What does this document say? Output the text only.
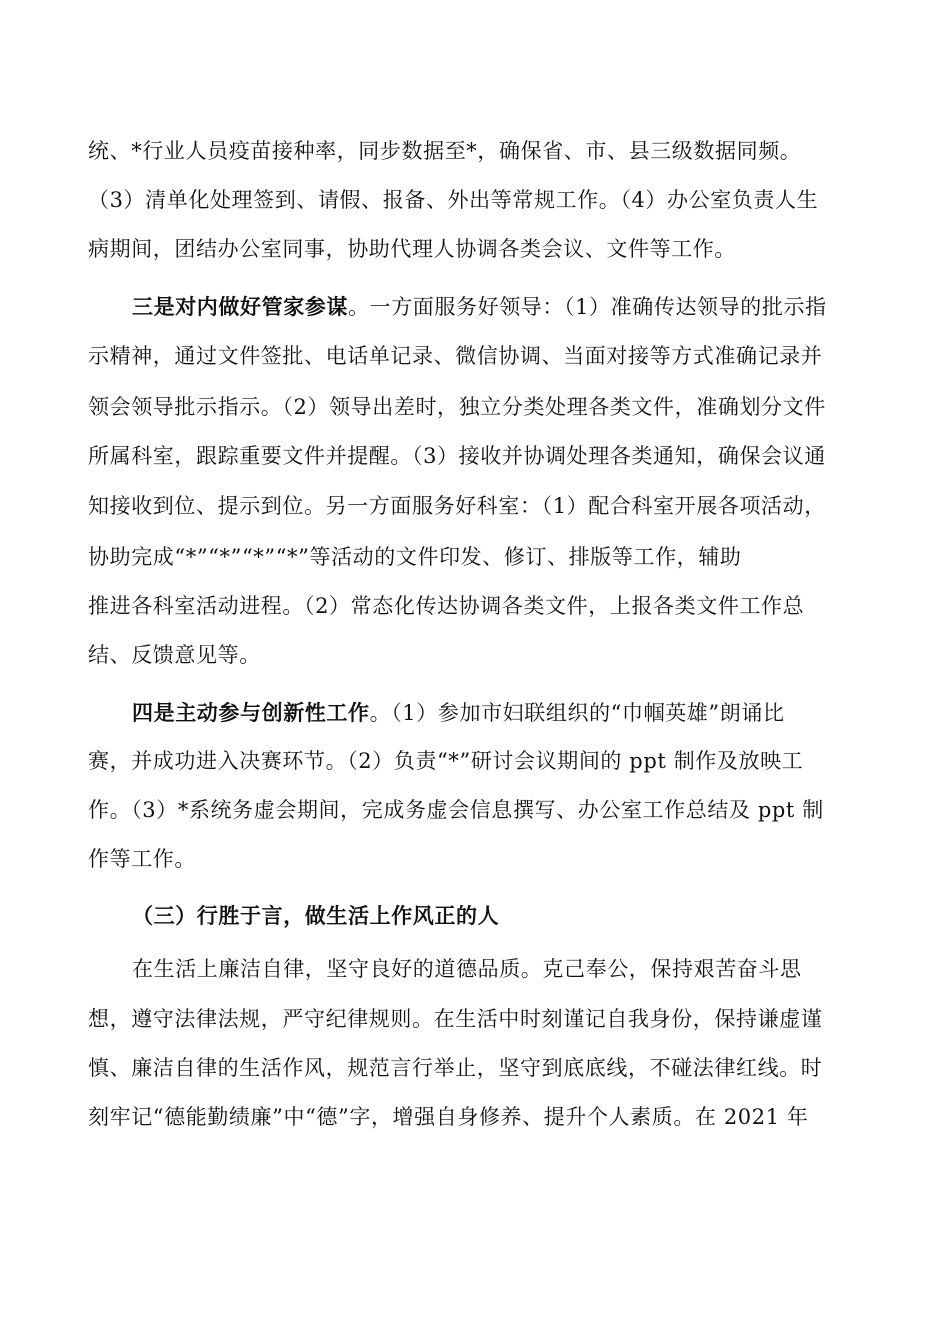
统、*行业人员疫苗接种率，同步数据至*，确保省、市、县三级数据同频。
（3）清单化处理签到、请假、报备、外出等常规工作。（4）办公室负责人生
病期间，团结办公室同事，协助代理人协调各类会议、文件等工作。
三是对内做好管家参谋。一方面服务好领导：（1）准确传达领导的批示指
示精神，通过文件签批、电话单记录、微信协调、当面对接等方式准确记录并
领会领导批示指示。（2）领导出差时，独立分类处理各类文件，准确划分文件
所属科室，跟踪重要文件并提醒。（3）接收并协调处理各类通知，确保会议通
知接收到位、提示到位。另一方面服务好科室：（1）配合科室开展各项活动，
协助完成“*”“*”“*”“*”等活动的文件印发、修订、排版等工作，辅助
推进各科室活动进程。（2）常态化传达协调各类文件，上报各类文件工作总
结、反馈意见等。
四是主动参与创新性工作。（1）参加市妇联组织的“巾帼英雄”朗诵比
赛，并成功进入决赛环节。（2）负责“*”研讨会议期间的 ppt 制作及放映工
作。（3）*系统务虚会期间，完成务虚会信息撰写、办公室工作总结及 ppt 制
作等工作。
（三）行胜于言，做生活上作风正的人
在生活上廉洁自律，坚守良好的道德品质。克己奉公，保持艰苦奋斗思
想，遵守法律法规，严守纪律规则。在生活中时刻谨记自我身份，保持谦虚谨
慎、廉洁自律的生活作风，规范言行举止，坚守到底底线，不碰法律红线。时
刻牢记“德能勤绩廉”中“德”字，增强自身修养、提升个人素质。在 2021 年
